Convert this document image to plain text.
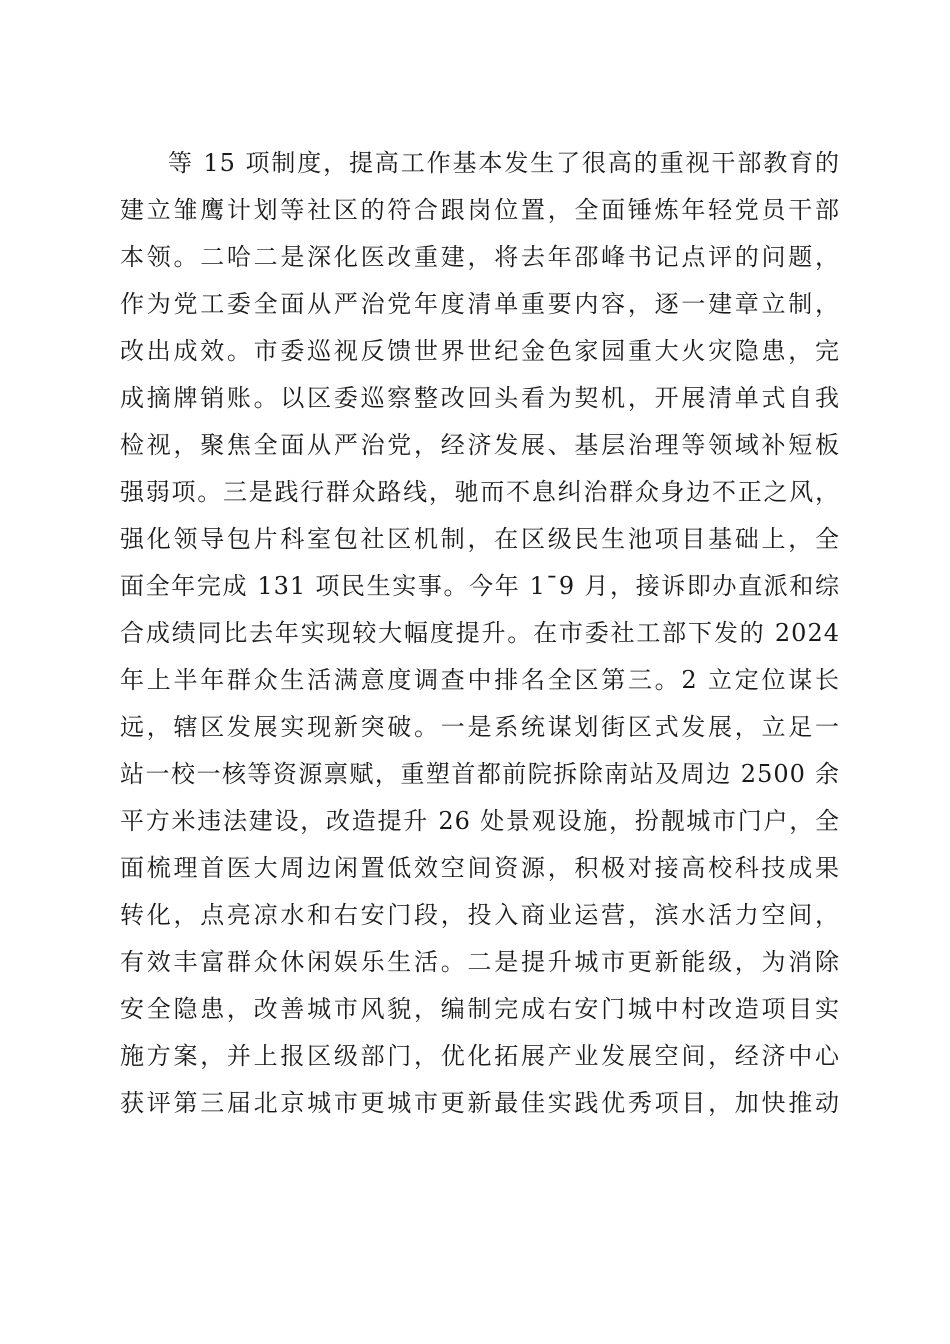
等 15 项制度，提高工作基本发生了很高的重视干部教育的
建立雏鹰计划等社区的符合跟岗位置，全面锤炼年轻党员干部
本领。二哈二是深化医改重建，将去年邵峰书记点评的问题，
作为党工委全面从严治党年度清单重要内容，逐一建章立制，
改出成效。市委巡视反馈世界世纪金色家园重大火灾隐患，完
成摘牌销账。以区委巡察整改回头看为契机，开展清单式自我
检视，聚焦全面从严治党，经济发展、基层治理等领域补短板
强弱项。三是践行群众路线，驰而不息纠治群众身边不正之风，
强化领导包片科室包社区机制，在区级民生池项目基础上，全
面全年完成 131 项民生实事。今年 1¯9 月，接诉即办直派和综
合成绩同比去年实现较大幅度提升。在市委社工部下发的 2024
年上半年群众生活满意度调查中排名全区第三。2 立定位谋长
远，辖区发展实现新突破。一是系统谋划街区式发展，立足一
站一校一核等资源禀赋，重塑首都前院拆除南站及周边 2500 余
平方米违法建设，改造提升 26 处景观设施，扮靓城市门户，全
面梳理首医大周边闲置低效空间资源，积极对接高校科技成果
转化，点亮凉水和右安门段，投入商业运营，滨水活力空间，
有效丰富群众休闲娱乐生活。二是提升城市更新能级，为消除
安全隐患，改善城市风貌，编制完成右安门城中村改造项目实
施方案，并上报区级部门，优化拓展产业发展空间，经济中心
获评第三届北京城市更城市更新最佳实践优秀项目，加快推动
